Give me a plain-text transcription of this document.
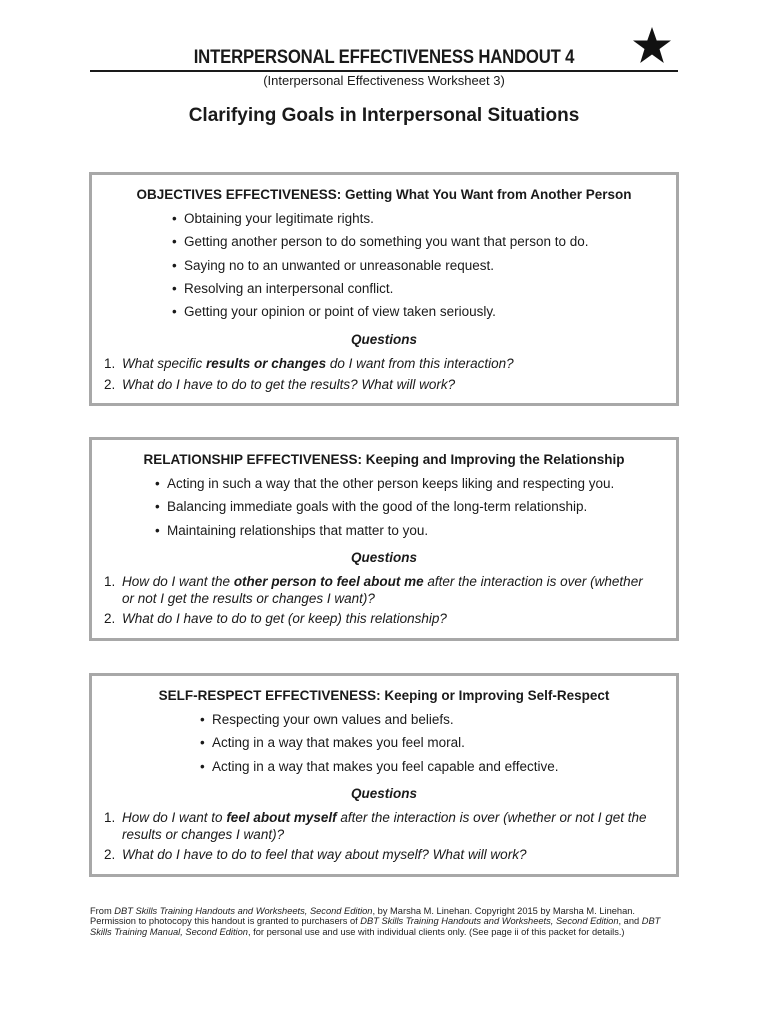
INTERPERSONAL EFFECTIVENESS HANDOUT 4
(Interpersonal Effectiveness Worksheet 3)
Clarifying Goals in Interpersonal Situations
OBJECTIVES EFFECTIVENESS: Getting What You Want from Another Person
• Obtaining your legitimate rights.
• Getting another person to do something you want that person to do.
• Saying no to an unwanted or unreasonable request.
• Resolving an interpersonal conflict.
• Getting your opinion or point of view taken seriously.
Questions
1. What specific results or changes do I want from this interaction?
2. What do I have to do to get the results? What will work?
RELATIONSHIP EFFECTIVENESS: Keeping and Improving the Relationship
• Acting in such a way that the other person keeps liking and respecting you.
• Balancing immediate goals with the good of the long-term relationship.
• Maintaining relationships that matter to you.
Questions
1. How do I want the other person to feel about me after the interaction is over (whether or not I get the results or changes I want)?
2. What do I have to do to get (or keep) this relationship?
SELF-RESPECT EFFECTIVENESS: Keeping or Improving Self-Respect
• Respecting your own values and beliefs.
• Acting in a way that makes you feel moral.
• Acting in a way that makes you feel capable and effective.
Questions
1. How do I want to feel about myself after the interaction is over (whether or not I get the results or changes I want)?
2. What do I have to do to feel that way about myself? What will work?
From DBT Skills Training Handouts and Worksheets, Second Edition, by Marsha M. Linehan. Copyright 2015 by Marsha M. Linehan. Permission to photocopy this handout is granted to purchasers of DBT Skills Training Handouts and Worksheets, Second Edition, and DBT Skills Training Manual, Second Edition, for personal use and use with individual clients only. (See page ii of this packet for details.)
